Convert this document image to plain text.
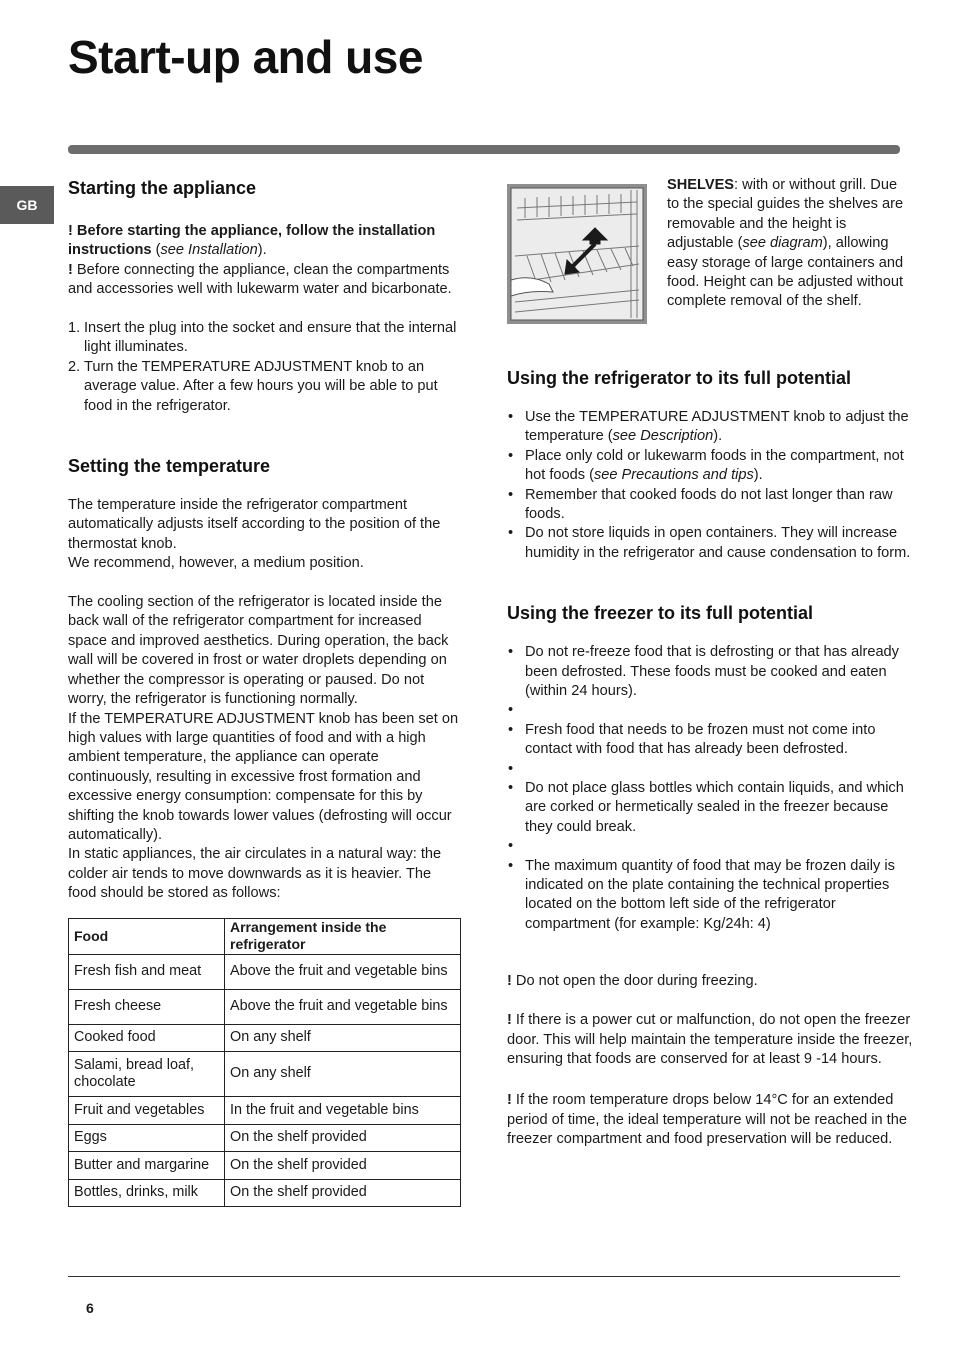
Start-up and use
GB
Starting the appliance

! Before starting the appliance, follow the installation instructions (see Installation).

! Before connecting the appliance, clean the compartments and accessories well with lukewarm water and bicarbonate.

1. Insert the plug into the socket and ensure that the internal light illuminates.
2. Turn the TEMPERATURE ADJUSTMENT knob to an average value. After a few hours you will be able to put food in the refrigerator.
Setting the temperature

The temperature inside the refrigerator compartment automatically adjusts itself according to the position of the thermostat knob.

We recommend, however, a medium position.

The cooling section of the refrigerator is located inside the back wall of the refrigerator compartment for increased space and improved aesthetics. During operation, the back wall will be covered in frost or water droplets depending on whether the compressor is operating or paused. Do not worry, the refrigerator is functioning normally.

If the TEMPERATURE ADJUSTMENT knob has been set on high values with large quantities of food and with a high ambient temperature, the appliance can operate continuously, resulting in excessive frost formation and excessive energy consumption: compensate for this by shifting the knob towards lower values (defrosting will occur automatically).

In static appliances, the air circulates in a natural way: the colder air tends to move downwards as it is heavier. The food should be stored as follows:

Food	Arrangement inside the refrigerator
Fresh fish and meat	Above the fruit and vegetable bins
Fresh cheese	Above the fruit and vegetable bins
Cooked food	On any shelf
Salami, bread loaf, chocolate	On any shelf
Fruit and vegetables	In the fruit and vegetable bins
Eggs	On the shelf provided
Butter and margarine	On the shelf provided
Bottles, drinks, milk	On the shelf provided

SHELVES: with or without grill. Due to the special guides the shelves are removable and the height is adjustable (see diagram), allowing easy storage of large containers and food. Height can be adjusted without complete removal of the shelf.

Using the refrigerator to its full potential
• Use the TEMPERATURE ADJUSTMENT knob to adjust the temperature (see Description).
• Place only cold or lukewarm foods in the compartment, not hot foods (see Precautions and tips).
• Remember that cooked foods do not last longer than raw foods.
• Do not store liquids in open containers. They will increase humidity in the refrigerator and cause condensation to form.
Using the freezer to its full potential
• Do not re-freeze food that is defrosting or that has already been defrosted. These foods must be cooked and eaten (within 24 hours).
•
• Fresh food that needs to be frozen must not come into contact with food that has already been defrosted.
•
• Do not place glass bottles which contain liquids, and which are corked or hermetically sealed in the freezer because they could break.
•
• The maximum quantity of food that may be frozen daily is indicated on the plate containing the technical properties located on the bottom left side of the refrigerator compartment (for example: Kg/24h: 4)

! Do not open the door during freezing.

! If there is a power cut or malfunction, do not open the freezer door. This will help maintain the temperature inside the freezer, ensuring that foods are conserved for at least 9 -14 hours.

! If the room temperature drops below 14°C for an extended period of time, the ideal temperature will not be reached in the freezer compartment and food preservation will be reduced.

6
